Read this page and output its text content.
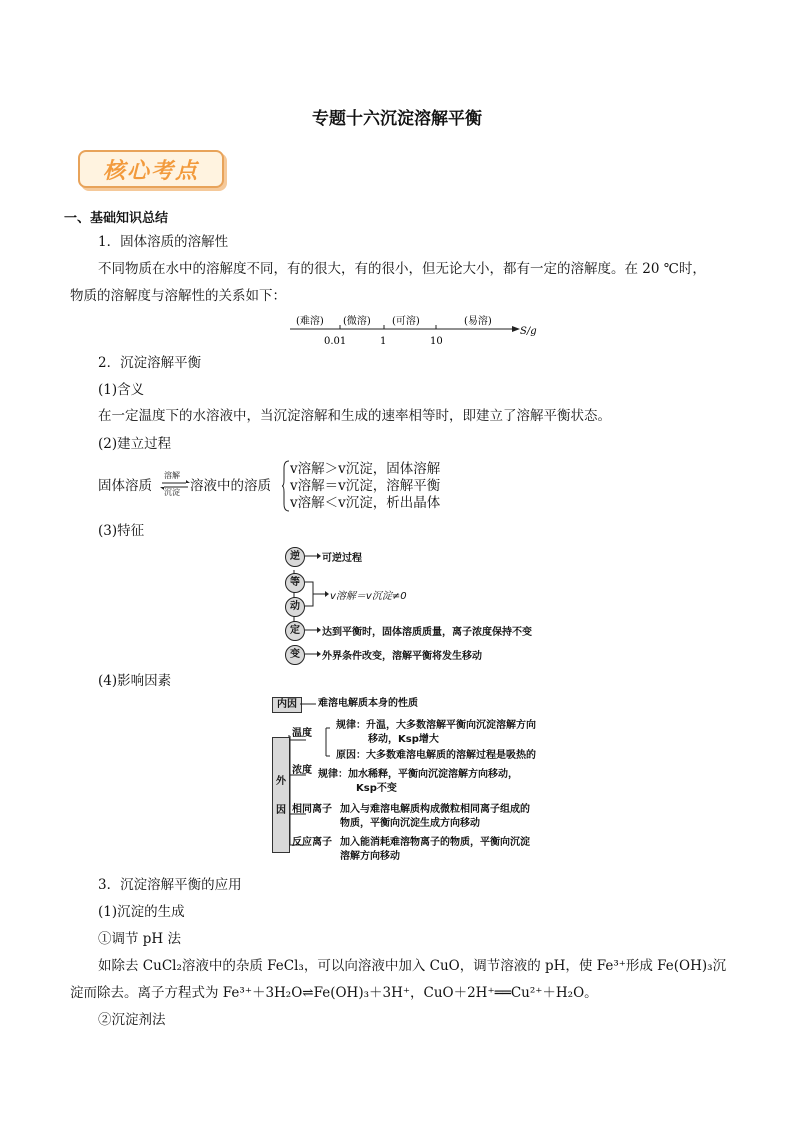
专题十六沉淀溶解平衡
核心考点
一、基础知识总结
1．固体溶质的溶解性
不同物质在水中的溶解度不同，有的很大，有的很小，但无论大小，都有一定的溶解度。在 20 ℃时，
物质的溶解度与溶解性的关系如下：
(难溶) (微溶) (可溶)	(易溶)
0.01	1	10
S/g
2．沉淀溶解平衡
(1)含义
在一定温度下的水溶液中，当沉淀溶解和生成的速率相等时，即建立了溶解平衡状态。
(2)建立过程
固体溶质
溶解
沉淀 ⇌ 溶液中的溶质
v溶解＞v沉淀，固体溶解
v溶解＝v沉淀，溶解平衡
v溶解＜v沉淀，析出晶体
(3)特征
逆
等
动
定
变
可逆过程
v溶解＝v沉淀≠0
达到平衡时，固体溶质质量，离子浓度保持不变
外界条件改变，溶解平衡将发生移动
(4)影响因素
内因
外
因
难溶电解质本身的性质
温度
规律：升温，大多数溶解平衡向沉淀溶解方向
移动，Ksp增大
原因：大多数难溶电解质的溶解过程是吸热的
浓度 规律：加水稀释，平衡向沉淀溶解方向移动，
Ksp不变
相同离子 加入与难溶电解质构成微粒相同离子组成的
物质，平衡向沉淀生成方向移动
反应离子 加入能消耗难溶物离子的物质，平衡向沉淀
溶解方向移动
3．沉淀溶解平衡的应用
(1)沉淀的生成
①调节 pH 法
如除去 CuCl₂溶液中的杂质 FeCl₃，可以向溶液中加入 CuO，调节溶液的 pH，使 Fe³⁺形成 Fe(OH)₃沉
淀而除去。离子方程式为 Fe³⁺＋3H₂O⇌Fe(OH)₃＋3H⁺，CuO＋2H⁺══Cu²⁺＋H₂O。
②沉淀剂法
